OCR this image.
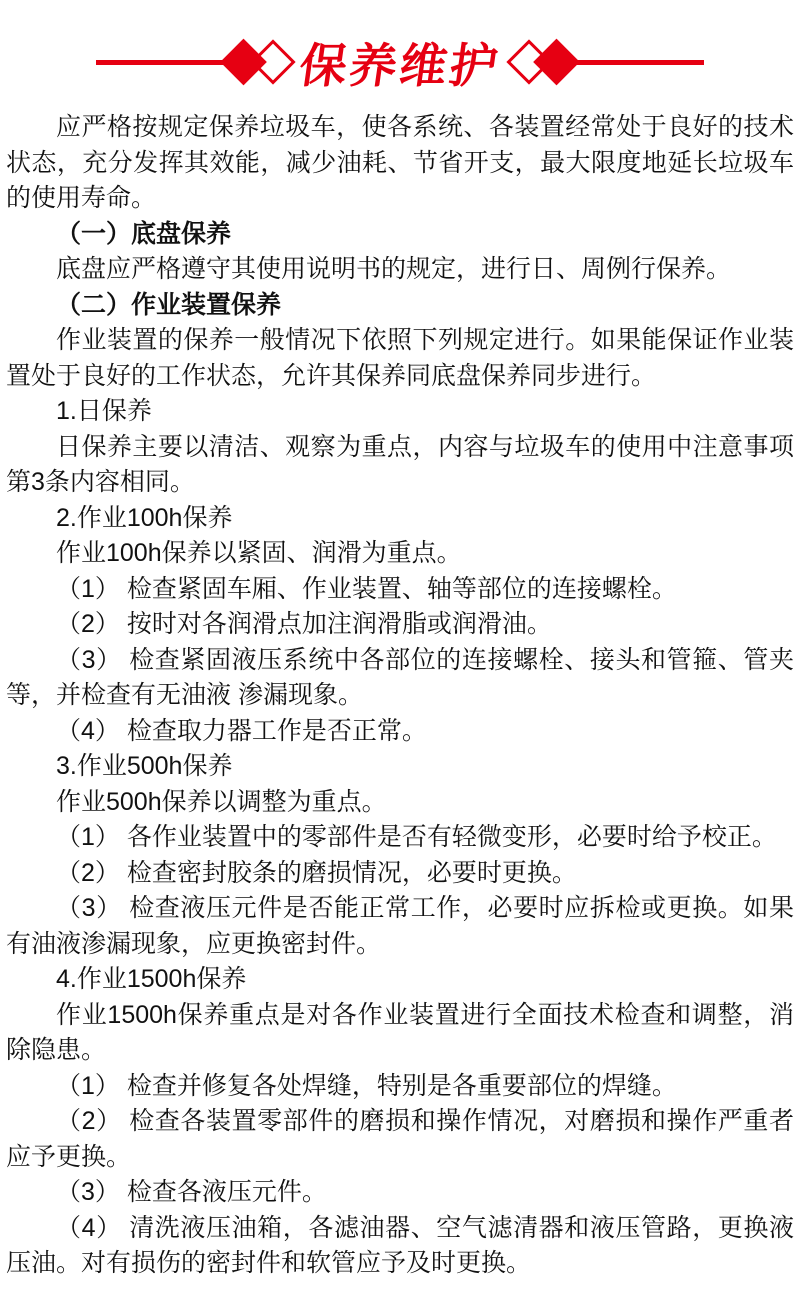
保养维护
应严格按规定保养垃圾车，使各系统、各装置经常处于良好的技术状态，充分发挥其效能，减少油耗、节省开支，最大限度地延长垃圾车的使用寿命。
（一）底盘保养
底盘应严格遵守其使用说明书的规定，进行日、周例行保养。
（二）作业装置保养
作业装置的保养一般情况下依照下列规定进行。如果能保证作业装置处于良好的工作状态，允许其保养同底盘保养同步进行。
1.日保养
日保养主要以清洁、观察为重点，内容与垃圾车的使用中注意事项第3条内容相同。
2.作业100h保养
作业100h保养以紧固、润滑为重点。
（1） 检查紧固车厢、作业装置、轴等部位的连接螺栓。
（2） 按时对各润滑点加注润滑脂或润滑油。
（3） 检查紧固液压系统中各部位的连接螺栓、接头和管箍、管夹等，并检查有无油液 渗漏现象。
（4） 检查取力器工作是否正常。
3.作业500h保养
作业500h保养以调整为重点。
（1） 各作业装置中的零部件是否有轻微变形，必要时给予校正。
（2） 检查密封胶条的磨损情况，必要时更换。
（3） 检查液压元件是否能正常工作，必要时应拆检或更换。如果有油液渗漏现象，应更换密封件。
4.作业1500h保养
作业1500h保养重点是对各作业装置进行全面技术检查和调整，消除隐患。
（1） 检查并修复各处焊缝，特别是各重要部位的焊缝。
（2） 检查各装置零部件的磨损和操作情况，对磨损和操作严重者应予更换。
（3） 检查各液压元件。
（4） 清洗液压油箱，各滤油器、空气滤清器和液压管路，更换液压油。对有损伤的密封件和软管应予及时更换。
